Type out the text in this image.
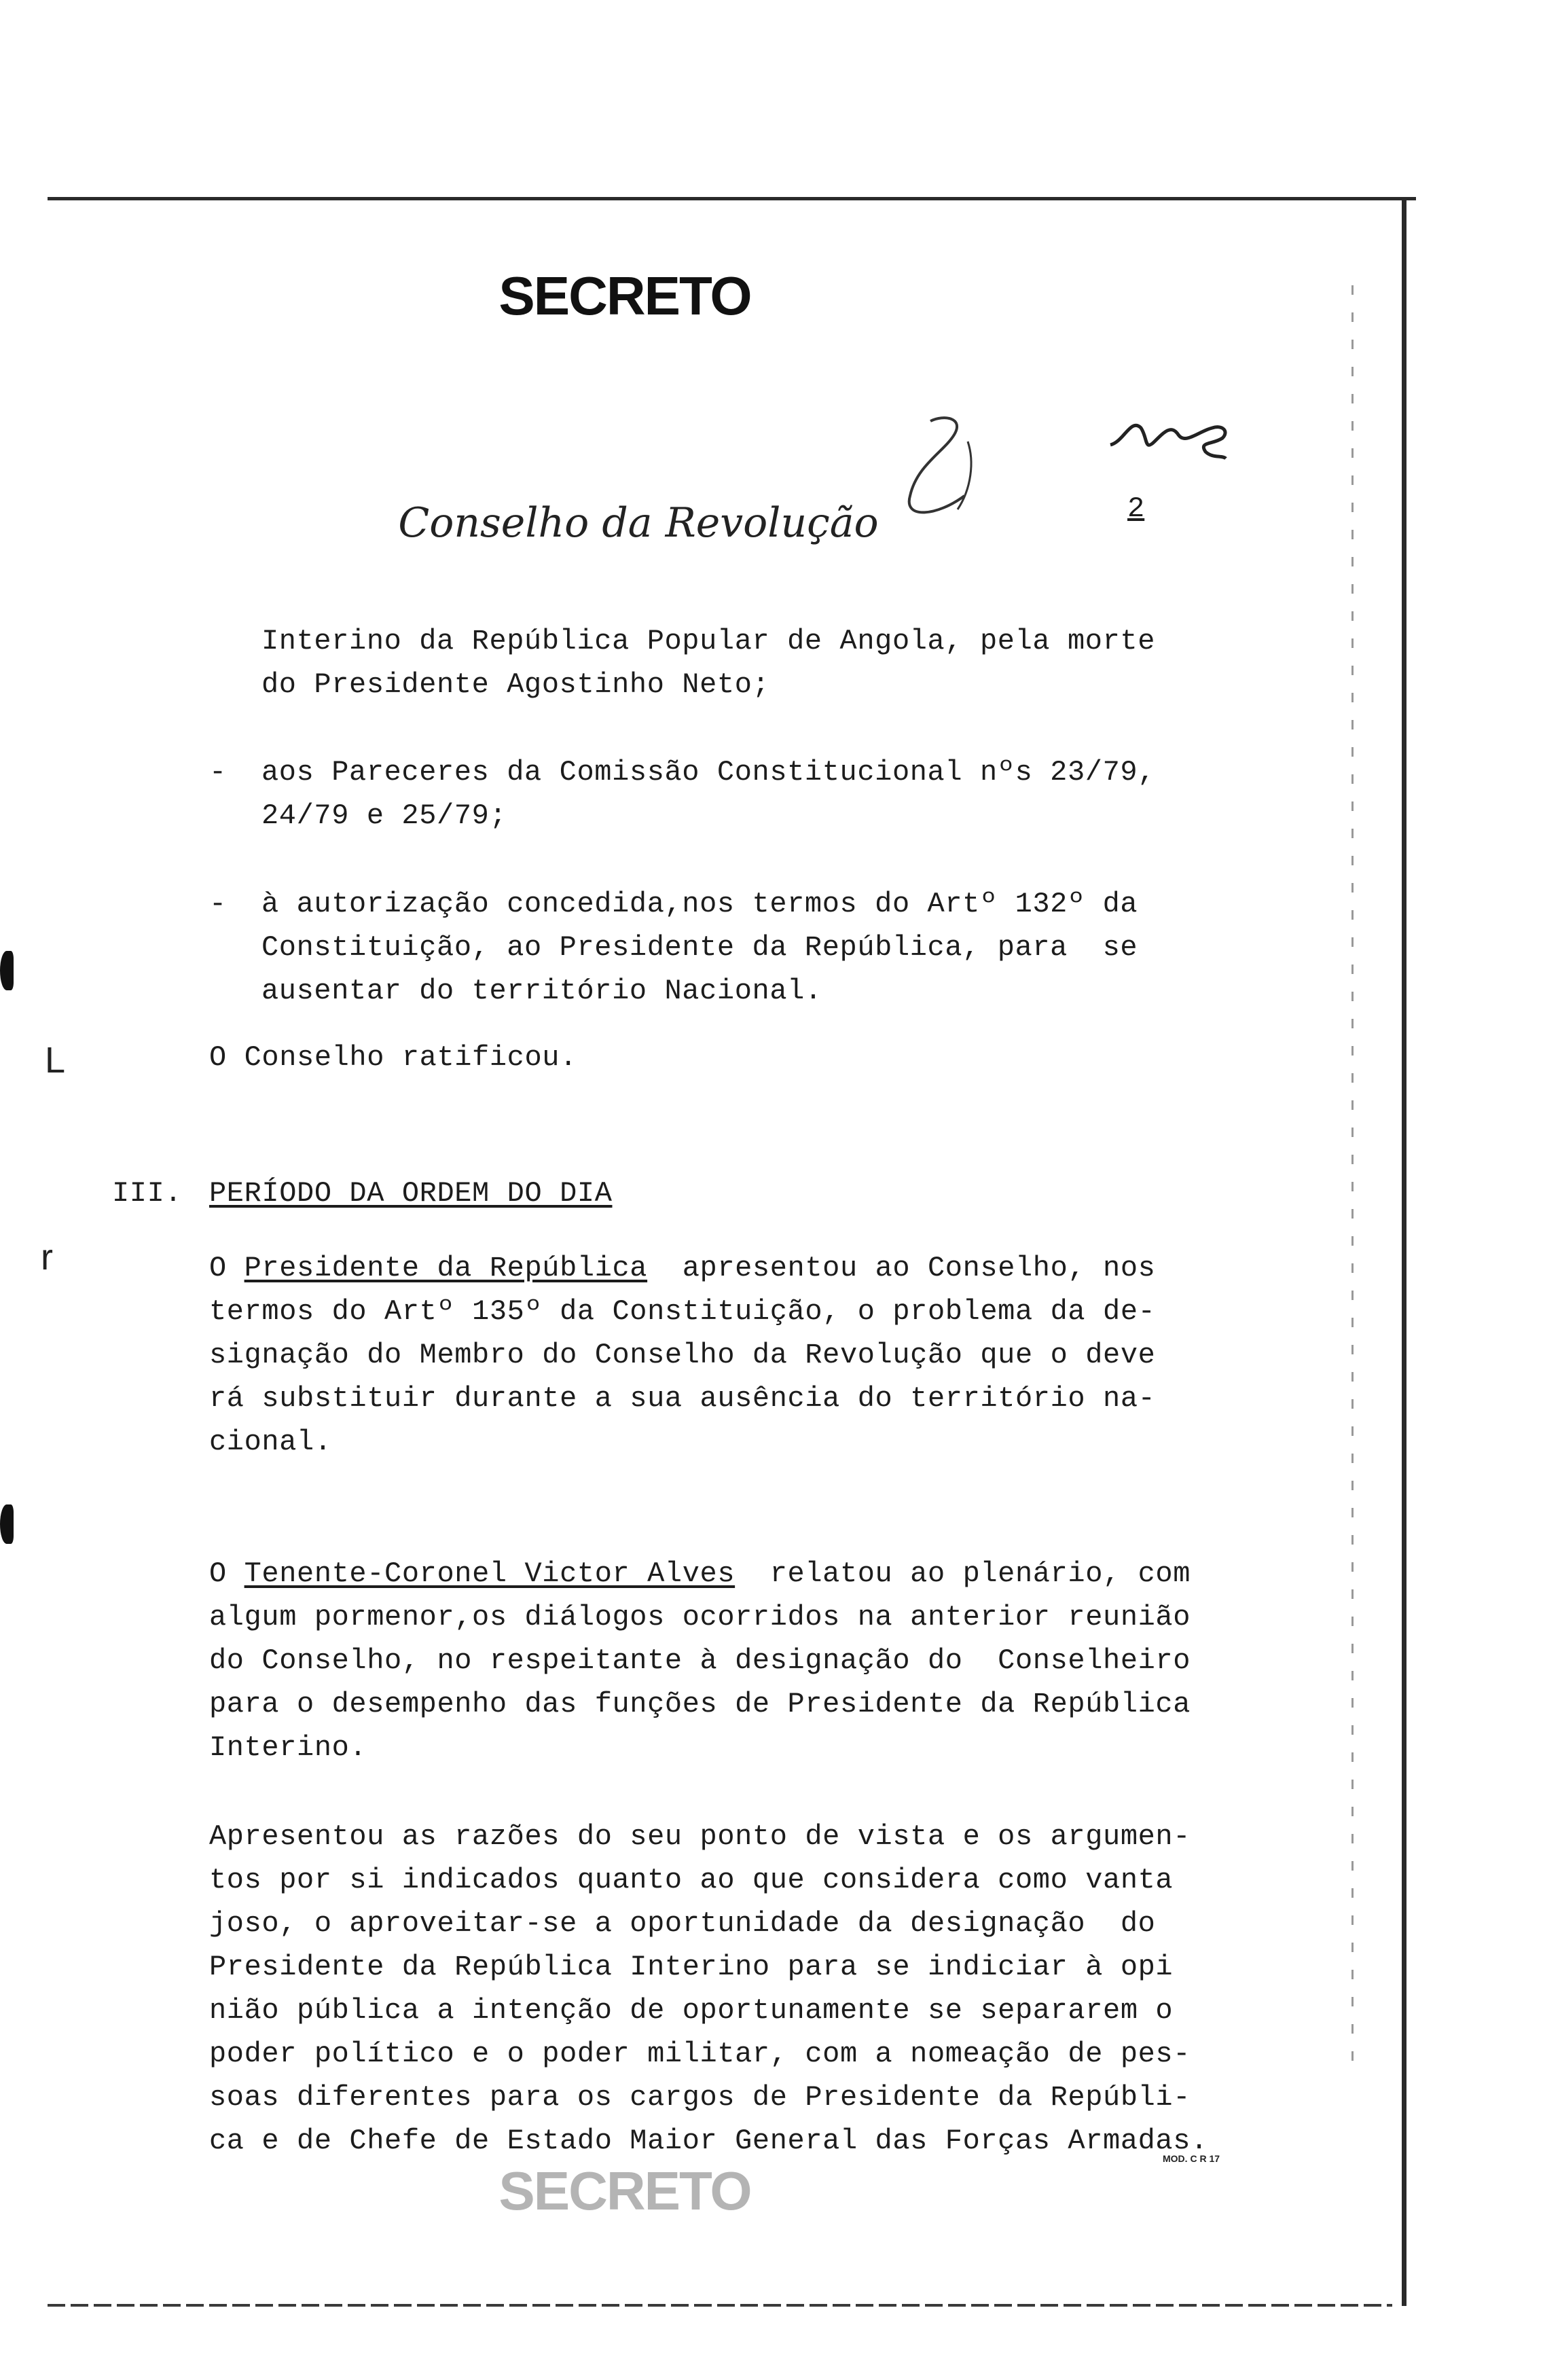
SECRETO
Conselho da Revolução	2
L
r
Interino da República Popular de Angola, pela morte
do Presidente Agostinho Neto;
- aos Pareceres da Comissão Constitucional nºs 23/79,
24/79 e 25/79;
- à autorização concedida,nos termos do Artº 132º da
Constituição, ao Presidente da República, para  se
ausentar do território Nacional.
O Conselho ratificou.
III. PERÍODO DA ORDEM DO DIA
O Presidente da República  apresentou ao Conselho, nos
termos do Artº 135º da Constituição, o problema da de-
signação do Membro do Conselho da Revolução que o deve
rá substituir durante a sua ausência do território na-
cional.
O Tenente-Coronel Victor Alves  relatou ao plenário, com
algum pormenor,os diálogos ocorridos na anterior reunião
do Conselho, no respeitante à designação do  Conselheiro
para o desempenho das funções de Presidente da República
Interino.
Apresentou as razões do seu ponto de vista e os argumen-
tos por si indicados quanto ao que considera como vanta
joso, o aproveitar-se a oportunidade da designação  do
Presidente da República Interino para se indiciar à opi
nião pública a intenção de oportunamente se separarem o
poder político e o poder militar, com a nomeação de pes-
soas diferentes para os cargos de Presidente da Repúbli-
ca e de Chefe de Estado Maior General das Forças Armadas.
MOD. C R 17
SECRETO
